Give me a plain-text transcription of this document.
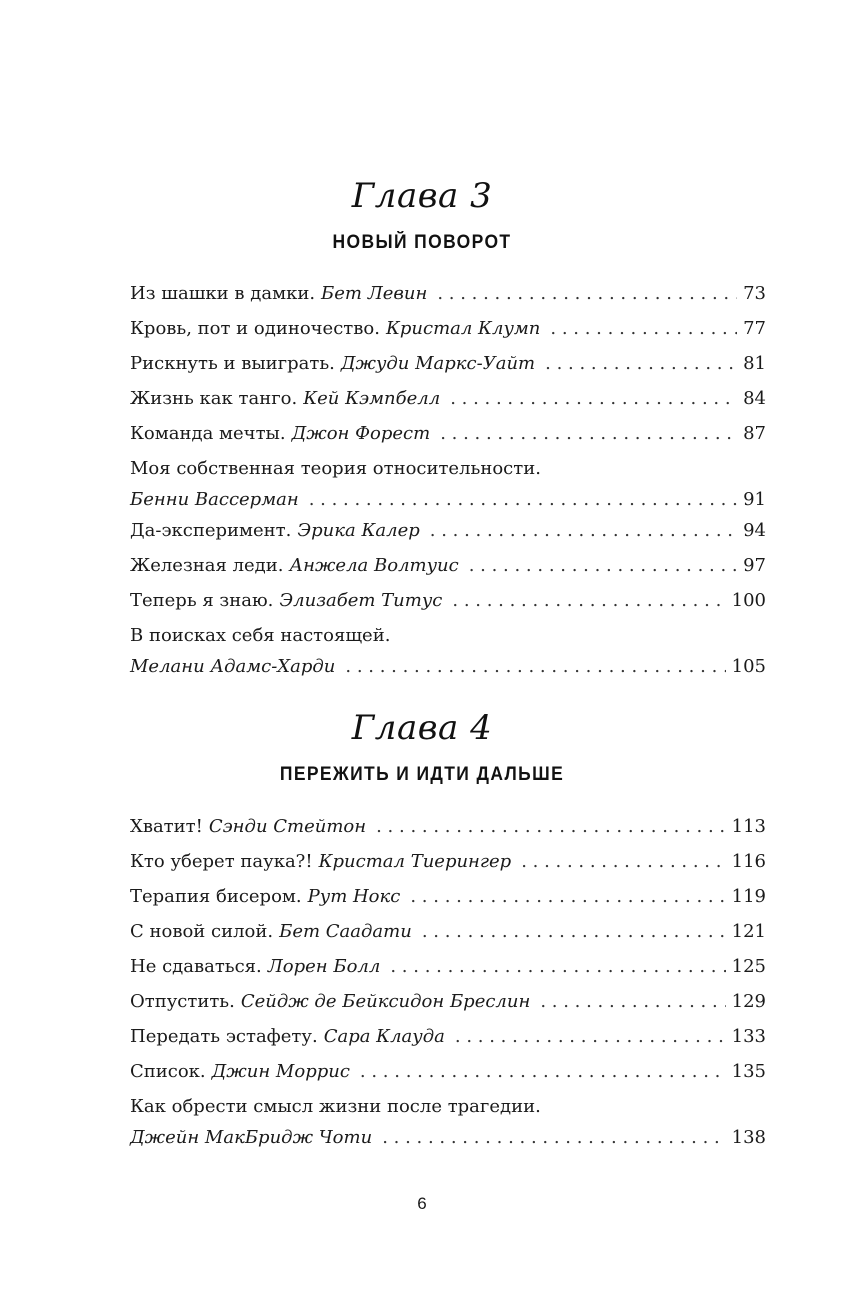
Глава 3
НОВЫЙ ПОВОРОТ
Из шашки в дамки. Бет Левин . . .	73
Кровь, пот и одиночество. Кристал Клумп . . .	77
Рискнуть и выиграть. Джуди Маркс-Уайт . . .	81
Жизнь как танго. Кей Кэмпбелл . . .	84
Команда мечты. Джон Форест . . .	87
Моя собственная теория относительности.
Бенни Вассерман . . .	91
Да-эксперимент. Эрика Калер . . .	94
Железная леди. Анжела Волтуис . . .	97
Теперь я знаю. Элизабет Титус . . .	100
В поисках себя настоящей.
Мелани Адамс-Харди . . .	105
Глава 4
ПЕРЕЖИТЬ И ИДТИ ДАЛЬШЕ
Хватит! Сэнди Стейтон . . .	113
Кто уберет паука?! Кристал Тиерингер . . .	116
Терапия бисером. Рут Нокс . . .	119
С новой силой. Бет Саадати . . .	121
Не сдаваться. Лорен Болл . . .	125
Отпустить. Сейдж де Бейксидон Бреслин . . .	129
Передать эстафету. Сара Клауда . . .	133
Список. Джин Моррис . . .	135
Как обрести смысл жизни после трагедии.
Джейн МакБридж Чоти . . .	138
6
